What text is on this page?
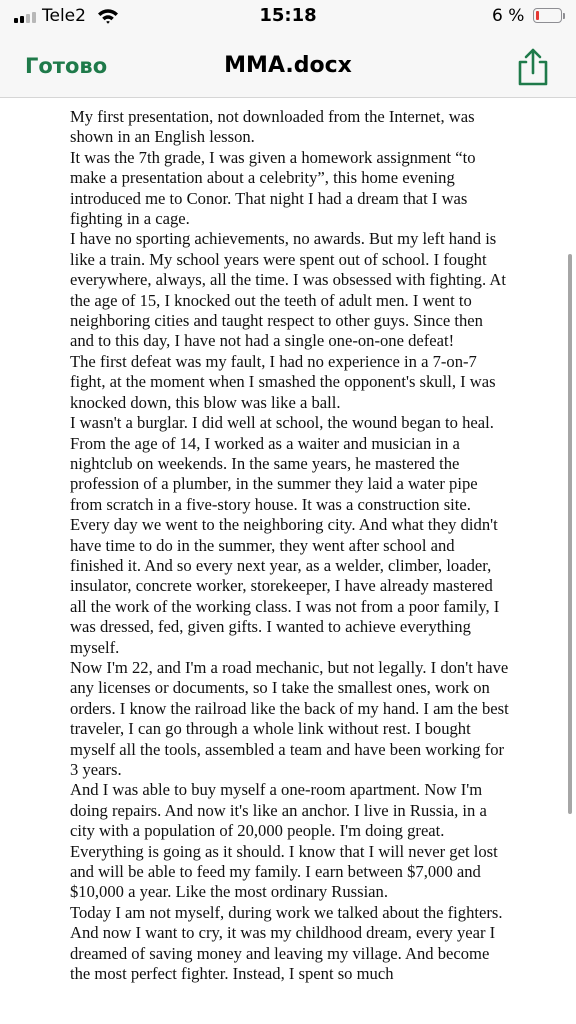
Tele2	15:18	6 %
Готово	MMA.docx

My first presentation, not downloaded from the Internet, was shown in an English lesson.

It was the 7th grade, I was given a homework assignment “to make a presentation about a celebrity”, this home evening introduced me to Conor. That night I had a dream that I was fighting in a cage.

I have no sporting achievements, no awards. But my left hand is like a train. My school years were spent out of school. I fought everywhere, always, all the time. I was obsessed with fighting. At the age of 15, I knocked out the teeth of adult men. I went to neighboring cities and taught respect to other guys. Since then and to this day, I have not had a single one-on-one defeat!

The first defeat was my fault, I had no experience in a 7-on-7 fight, at the moment when I smashed the opponent's skull, I was knocked down, this blow was like a ball.

I wasn't a burglar. I did well at school, the wound began to heal.

From the age of 14, I worked as a waiter and musician in a nightclub on weekends. In the same years, he mastered the profession of a plumber, in the summer they laid a water pipe from scratch in a five-story house. It was a construction site. Every day we went to the neighboring city. And what they didn't have time to do in the summer, they went after school and finished it. And so every next year, as a welder, climber, loader, insulator, concrete worker, storekeeper, I have already mastered all the work of the working class. I was not from a poor family, I was dressed, fed, given gifts. I wanted to achieve everything myself.

Now I'm 22, and I'm a road mechanic, but not legally. I don't have any licenses or documents, so I take the smallest ones, work on orders. I know the railroad like the back of my hand. I am the best traveler, I can go through a whole link without rest. I bought myself all the tools, assembled a team and have been working for 3 years.

And I was able to buy myself a one-room apartment. Now I'm doing repairs. And now it's like an anchor. I live in Russia, in a city with a population of 20,000 people. I'm doing great. Everything is going as it should. I know that I will never get lost and will be able to feed my family. I earn between $7,000 and $10,000 a year. Like the most ordinary Russian.

Today I am not myself, during work we talked about the fighters. And now I want to cry, it was my childhood dream, every year I dreamed of saving money and leaving my village. And become the most perfect fighter. Instead, I spent so much
